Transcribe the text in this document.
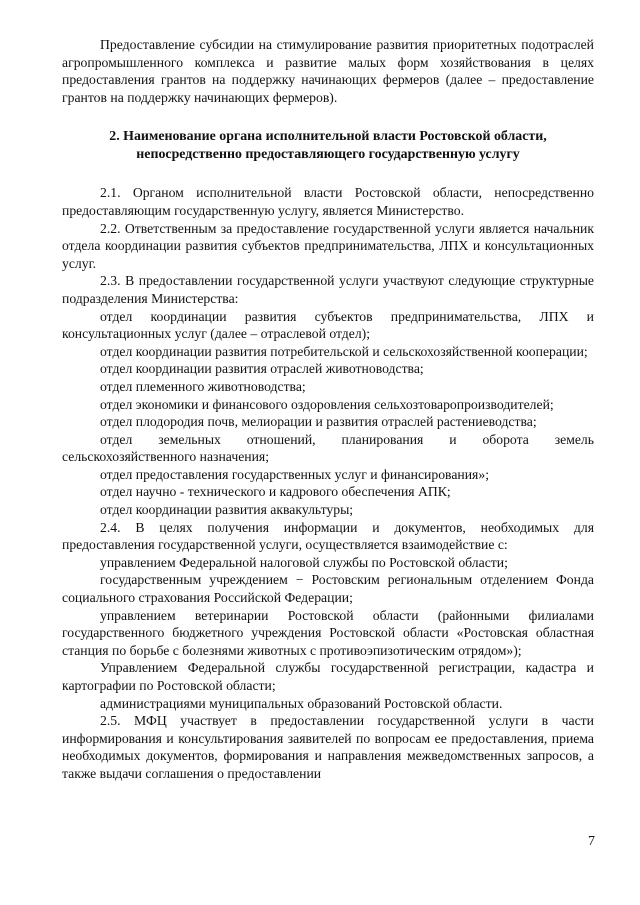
Предоставление субсидии на стимулирование развития приоритетных подотраслей агропромышленного комплекса и развитие малых форм хозяйствования в целях предоставления грантов на поддержку начинающих фермеров (далее – предоставление грантов на поддержку начинающих фермеров).

2. Наименование органа исполнительной власти Ростовской области,
непосредственно предоставляющего государственную услугу

2.1. Органом исполнительной власти Ростовской области, непосредственно предоставляющим государственную услугу, является Министерство.

2.2. Ответственным за предоставление государственной услуги является начальник отдела координации развития субъектов предпринимательства, ЛПХ и консультационных услуг.

2.3. В предоставлении государственной услуги участвуют следующие структурные подразделения Министерства:

отдел координации развития субъектов предпринимательства, ЛПХ и консультационных услуг (далее – отраслевой отдел);

отдел координации развития потребительской и сельскохозяйственной кооперации;

отдел координации развития отраслей животноводства;

отдел племенного животноводства;

отдел экономики и финансового оздоровления сельхозтоваропроизводителей;

отдел плодородия почв, мелиорации и развития отраслей растениеводства;

отдел земельных отношений, планирования и оборота земель сельскохозяйственного назначения;

отдел предоставления государственных услуг и финансирования»;

отдел научно - технического и кадрового обеспечения АПК;

отдел координации развития аквакультуры;

2.4. В целях получения информации и документов, необходимых для предоставления государственной услуги, осуществляется взаимодействие с:

управлением Федеральной налоговой службы по Ростовской области;

государственным учреждением − Ростовским региональным отделением Фонда социального страхования Российской Федерации;

управлением ветеринарии Ростовской области (районными филиалами государственного бюджетного учреждения Ростовской области «Ростовская областная станция по борьбе с болезнями животных с противоэпизотическим отрядом»);

Управлением Федеральной службы государственной регистрации, кадастра и картографии по Ростовской области;

администрациями муниципальных образований Ростовской области.

2.5. МФЦ участвует в предоставлении государственной услуги в части информирования и консультирования заявителей по вопросам ее предоставления, приема необходимых документов, формирования и направления межведомственных запросов, а также выдачи соглашения о предоставлении

7
